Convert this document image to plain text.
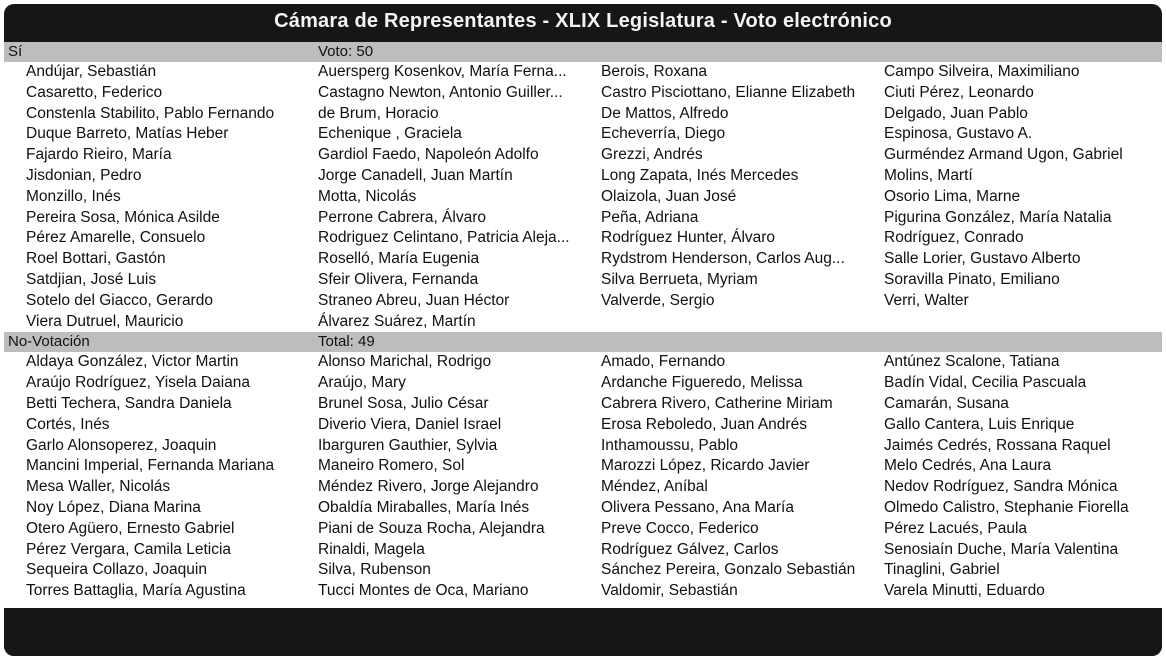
Cámara de Representantes - XLIX Legislatura - Voto electrónico
Sí	Voto: 50
Andújar, Sebastián	Auersperg Kosenkov, María Ferna...	Berois, Roxana	Campo Silveira, Maximiliano
Casaretto, Federico	Castagno Newton, Antonio Guiller...	Castro Pisciottano, Elianne Elizabeth	Ciuti Pérez, Leonardo
Constenla Stabilito, Pablo Fernando	de Brum, Horacio	De Mattos, Alfredo	Delgado, Juan Pablo
Duque Barreto, Matías Heber	Echenique , Graciela	Echeverría, Diego	Espinosa, Gustavo A.
Fajardo Rieiro, María	Gardiol Faedo, Napoleón Adolfo	Grezzi, Andrés	Gurméndez Armand Ugon, Gabriel
Jisdonian, Pedro	Jorge Canadell, Juan Martín	Long Zapata, Inés Mercedes	Molins, Martí
Monzillo, Inés	Motta, Nicolás	Olaizola, Juan José	Osorio Lima, Marne
Pereira Sosa, Mónica Asilde	Perrone Cabrera, Álvaro	Peña, Adriana	Pigurina González, María Natalia
Pérez Amarelle, Consuelo	Rodriguez Celintano, Patricia Aleja...	Rodríguez Hunter, Álvaro	Rodríguez, Conrado
Roel Bottari, Gastón	Roselló, María Eugenia	Rydstrom Henderson, Carlos Aug...	Salle Lorier, Gustavo Alberto
Satdjian, José Luis	Sfeir Olivera, Fernanda	Silva Berrueta, Myriam	Soravilla Pinato, Emiliano
Sotelo del Giacco, Gerardo	Straneo Abreu, Juan Héctor	Valverde, Sergio	Verri, Walter
Viera Dutruel, Mauricio	Álvarez Suárez, Martín
No-Votación	Total: 49
Aldaya González, Victor Martin	Alonso Marichal, Rodrigo	Amado, Fernando	Antúnez Scalone, Tatiana
Araújo Rodríguez, Yisela Daiana	Araújo, Mary	Ardanche Figueredo, Melissa	Badín Vidal, Cecilia Pascuala
Betti Techera, Sandra Daniela	Brunel Sosa, Julio César	Cabrera Rivero, Catherine Miriam	Camarán, Susana
Cortés, Inés	Diverio Viera, Daniel Israel	Erosa Reboledo, Juan Andrés	Gallo Cantera, Luis Enrique
Garlo Alonsoperez, Joaquin	Ibarguren Gauthier, Sylvia	Inthamoussu, Pablo	Jaimés Cedrés, Rossana Raquel
Mancini Imperial, Fernanda Mariana	Maneiro Romero, Sol	Marozzi López, Ricardo Javier	Melo Cedrés, Ana Laura
Mesa Waller, Nicolás	Méndez Rivero, Jorge Alejandro	Méndez, Aníbal	Nedov Rodríguez, Sandra Mónica
Noy López, Diana Marina	Obaldía Miraballes, María Inés	Olivera Pessano, Ana María	Olmedo Calistro, Stephanie Fiorella
Otero Agüero, Ernesto Gabriel	Piani de Souza Rocha, Alejandra	Preve Cocco, Federico	Pérez Lacués, Paula
Pérez Vergara, Camila Leticia	Rinaldi, Magela	Rodríguez Gálvez, Carlos	Senosiaín Duche, María Valentina
Sequeira Collazo, Joaquin	Silva, Rubenson	Sánchez Pereira, Gonzalo Sebastián	Tinaglini, Gabriel
Torres Battaglia, María Agustina	Tucci Montes de Oca, Mariano	Valdomir, Sebastián	Varela Minutti, Eduardo
